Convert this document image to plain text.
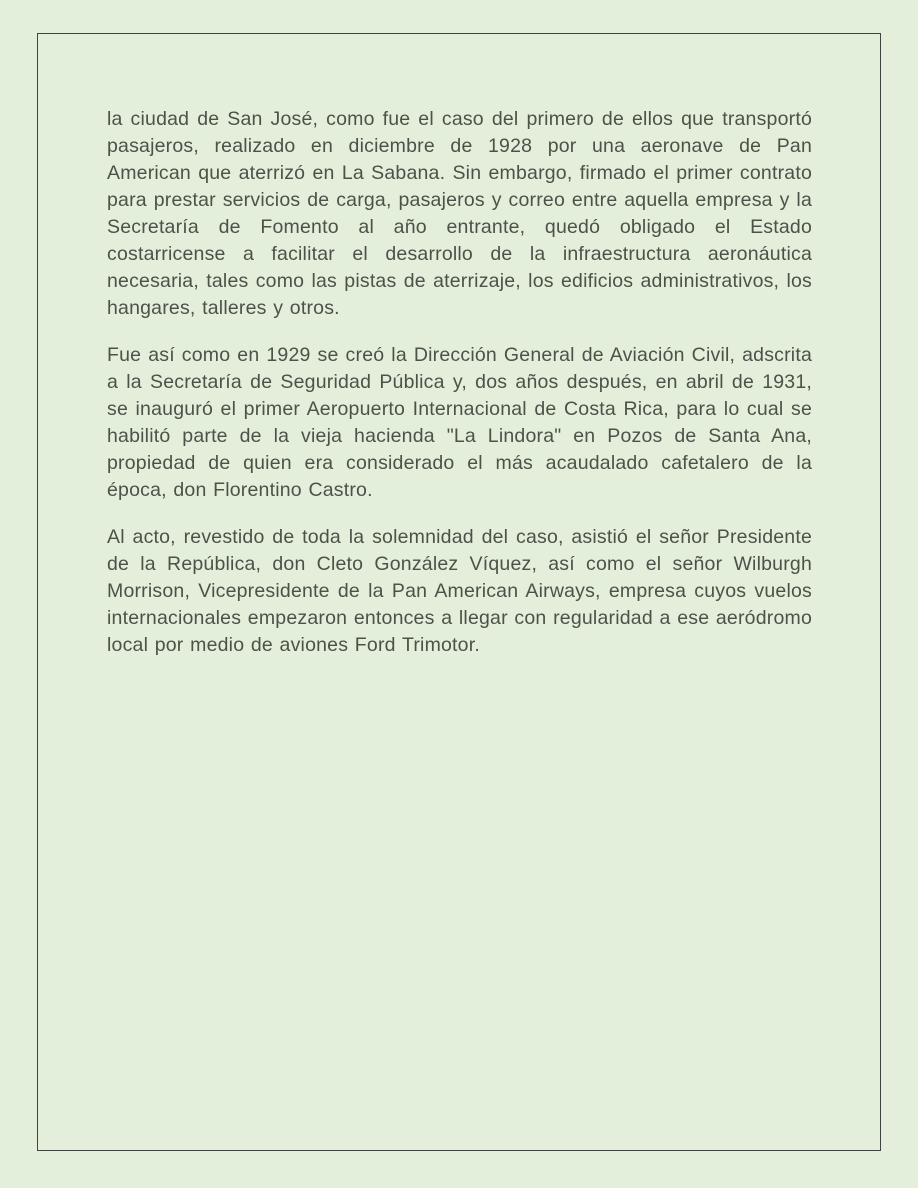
la ciudad de San José, como fue el caso del primero de ellos que transportó pasajeros, realizado en diciembre de 1928 por una aeronave de Pan American que aterrizó en La Sabana. Sin embargo, firmado el primer contrato para prestar servicios de carga, pasajeros y correo entre aquella empresa y la Secretaría de Fomento al año entrante, quedó obligado el Estado costarricense a facilitar el desarrollo de la infraestructura aeronáutica necesaria, tales como las pistas de aterrizaje, los edificios administrativos, los hangares, talleres y otros.

Fue así como en 1929 se creó la Dirección General de Aviación Civil, adscrita a la Secretaría de Seguridad Pública y, dos años después, en abril de 1931, se inauguró el primer Aeropuerto Internacional de Costa Rica, para lo cual se habilitó parte de la vieja hacienda "La Lindora" en Pozos de Santa Ana, propiedad de quien era considerado el más acaudalado cafetalero de la época, don Florentino Castro.

Al acto, revestido de toda la solemnidad del caso, asistió el señor Presidente de la República, don Cleto González Víquez, así como el señor Wilburgh Morrison, Vicepresidente de la Pan American Airways, empresa cuyos vuelos internacionales empezaron entonces a llegar con regularidad a ese aeródromo local por medio de aviones Ford Trimotor.
